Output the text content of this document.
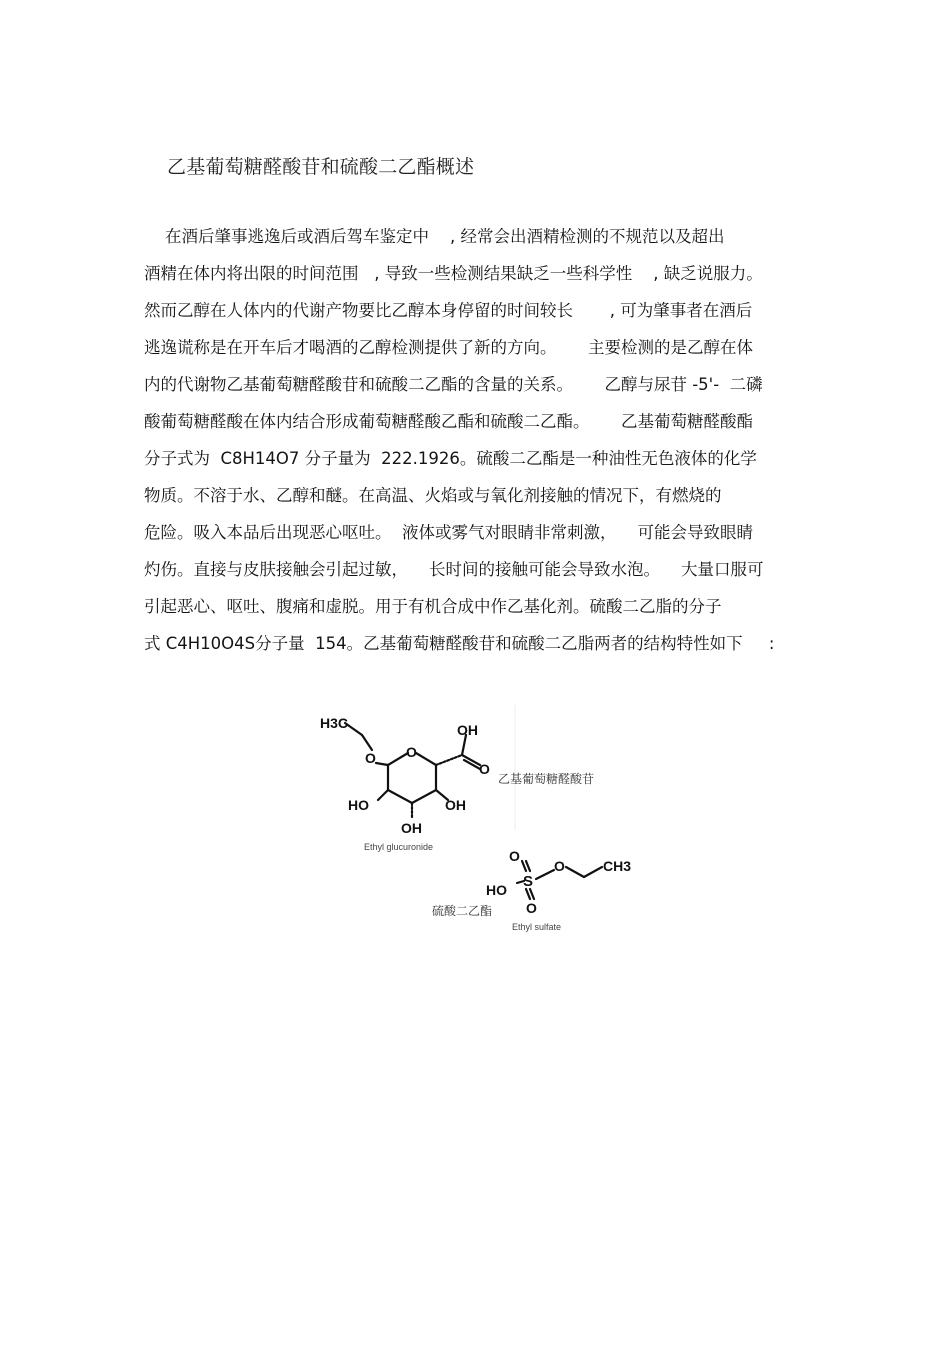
乙基葡萄糖醛酸苷和硫酸二乙酯概述
在酒后肇事逃逸后或酒后驾车鉴定中    , 经常会出酒精检测的不规范以及超出
酒精在体内将出限的时间范围   , 导致一些检测结果缺乏一些科学性    , 缺乏说服力。
然而乙醇在人体内的代谢产物要比乙醇本身停留的时间较长       , 可为肇事者在酒后
逃逸谎称是在开车后才喝酒的乙醇检测提供了新的方向。      主要检测的是乙醇在体
内的代谢物乙基葡萄糖醛酸苷和硫酸二乙酯的含量的关系。      乙醇与尿苷 -5'-  二磷
酸葡萄糖醛酸在体内结合形成葡萄糖醛酸乙酯和硫酸二乙酯。      乙基葡萄糖醛酸酯
分子式为  C8H14O7 分子量为  222.1926。硫酸二乙酯是一种油性无色液体的化学
物质。不溶于水、乙醇和醚。在高温、火焰或与氧化剂接触的情况下，有燃烧的
危险。吸入本品后出现恶心呕吐。  液体或雾气对眼睛非常刺激，    可能会导致眼睛
灼伤。直接与皮肤接触会引起过敏，    长时间的接触可能会导致水泡。    大量口服可
引起恶心、呕吐、腹痛和虚脱。用于有机合成中作乙基化剂。硫酸二乙脂的分子
式 C4H10O4S分子量  154。乙基葡萄糖醛酸苷和硫酸二乙脂两者的结构特性如下     :
H3C
O O
OH
O
HO	OH
OH
乙基葡萄糖醛酸苷
Ethyl glucuronide
O
S
O
O
HO
CH3
硫酸二乙酯
Ethyl sulfate
